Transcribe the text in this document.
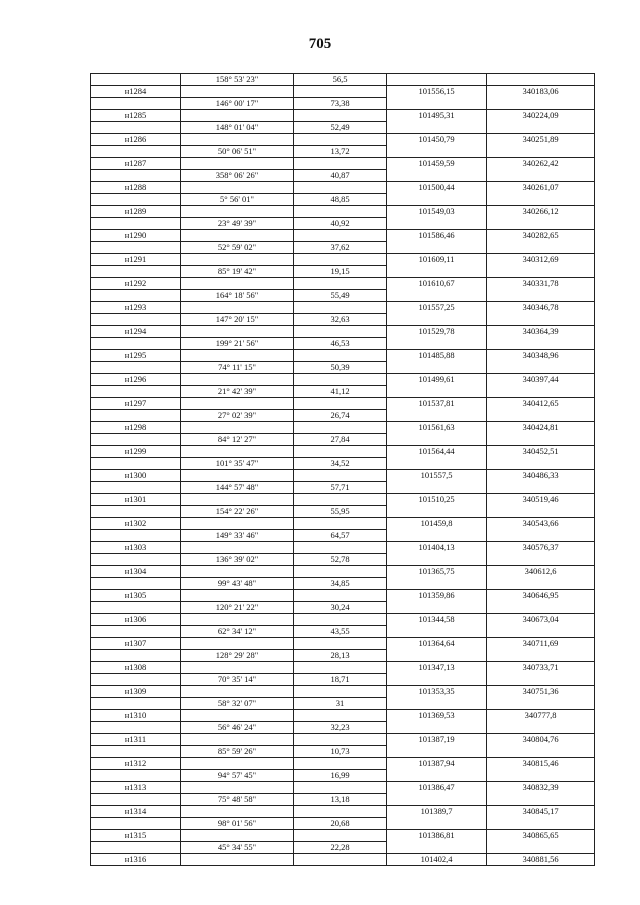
705
	158° 53' 23"	56,5		
н1284			101556,15	340183,06
	146° 00' 17"	73,38		
н1285			101495,31	340224,09
	148° 01' 04"	52,49		
н1286			101450,79	340251,89
	50° 06' 51"	13,72		
н1287			101459,59	340262,42
	358° 06' 26"	40,87		
н1288			101500,44	340261,07
	5° 56' 01"	48,85		
н1289			101549,03	340266,12
	23° 49' 39"	40,92		
н1290			101586,46	340282,65
	52° 59' 02"	37,62		
н1291			101609,11	340312,69
	85° 19' 42"	19,15		
н1292			101610,67	340331,78
	164° 18' 56"	55,49		
н1293			101557,25	340346,78
	147° 20' 15"	32,63		
н1294			101529,78	340364,39
	199° 21' 56"	46,53		
н1295			101485,88	340348,96
	74° 11' 15"	50,39		
н1296			101499,61	340397,44
	21° 42' 39"	41,12		
н1297			101537,81	340412,65
	27° 02' 39"	26,74		
н1298			101561,63	340424,81
	84° 12' 27"	27,84		
н1299			101564,44	340452,51
	101° 35' 47"	34,52		
н1300			101557,5	340486,33
	144° 57' 48"	57,71		
н1301			101510,25	340519,46
	154° 22' 26"	55,95		
н1302			101459,8	340543,66
	149° 33' 46"	64,57		
н1303			101404,13	340576,37
	136° 39' 02"	52,78		
н1304			101365,75	340612,6
	99° 43' 48"	34,85		
н1305			101359,86	340646,95
	120° 21' 22"	30,24		
н1306			101344,58	340673,04
	62° 34' 12"	43,55		
н1307			101364,64	340711,69
	128° 29' 28"	28,13		
н1308			101347,13	340733,71
	70° 35' 14"	18,71		
н1309			101353,35	340751,36
	58° 32' 07"	31		
н1310			101369,53	340777,8
	56° 46' 24"	32,23		
н1311			101387,19	340804,76
	85° 59' 26"	10,73		
н1312			101387,94	340815,46
	94° 57' 45"	16,99		
н1313			101386,47	340832,39
	75° 48' 58"	13,18		
н1314			101389,7	340845,17
	98° 01' 56"	20,68		
н1315			101386,81	340865,65
	45° 34' 55"	22,28		
н1316			101402,4	340881,56
